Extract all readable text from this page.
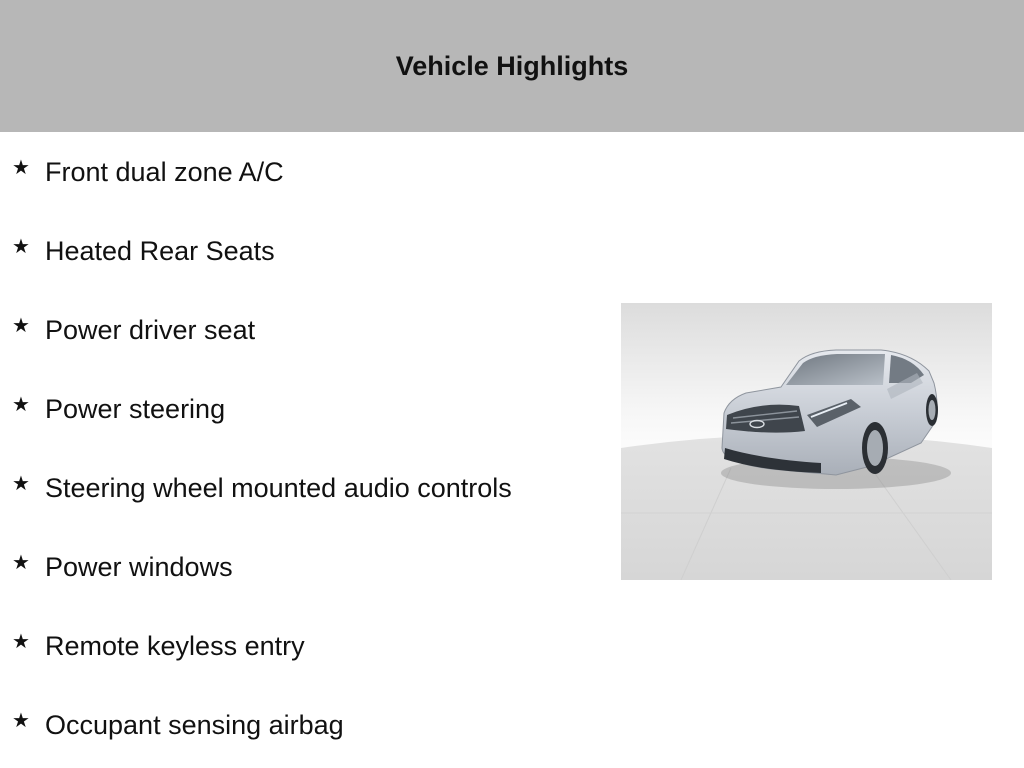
Vehicle Highlights
★ Front dual zone A/C
★ Heated Rear Seats
★ Power driver seat
★ Power steering
★ Steering wheel mounted audio controls
★ Power windows
★ Remote keyless entry
★ Occupant sensing airbag
